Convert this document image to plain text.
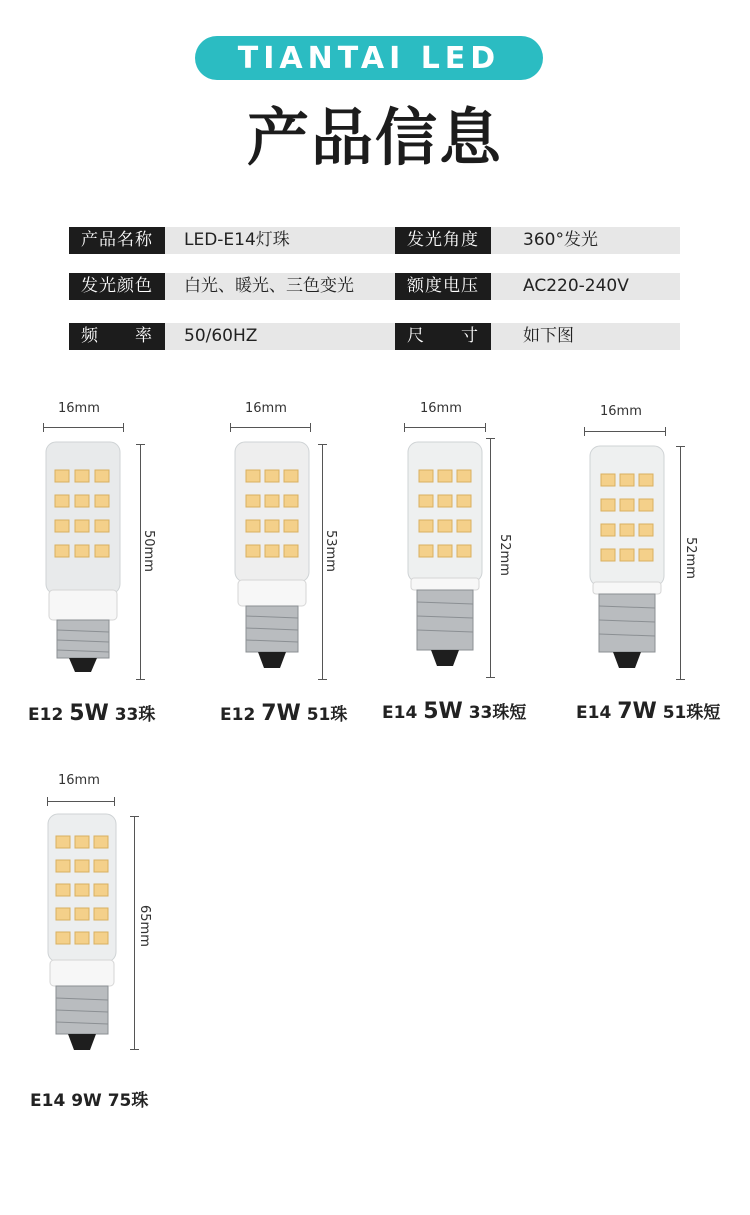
TIANTAI LED
产品信息
产品名称	LED-E14灯珠	发光角度	360°发光
发光颜色	白光、暖光、三色变光	额度电压	AC220-240V
频　　率	50/60HZ	尺　　寸	如下图
16mm
50mm
E12 5W 33珠
16mm
53mm
E12 7W 51珠
16mm
52mm
E14 5W 33珠短
16mm
52mm
E14 7W 51珠短
16mm
65mm
E14 9W 75珠
